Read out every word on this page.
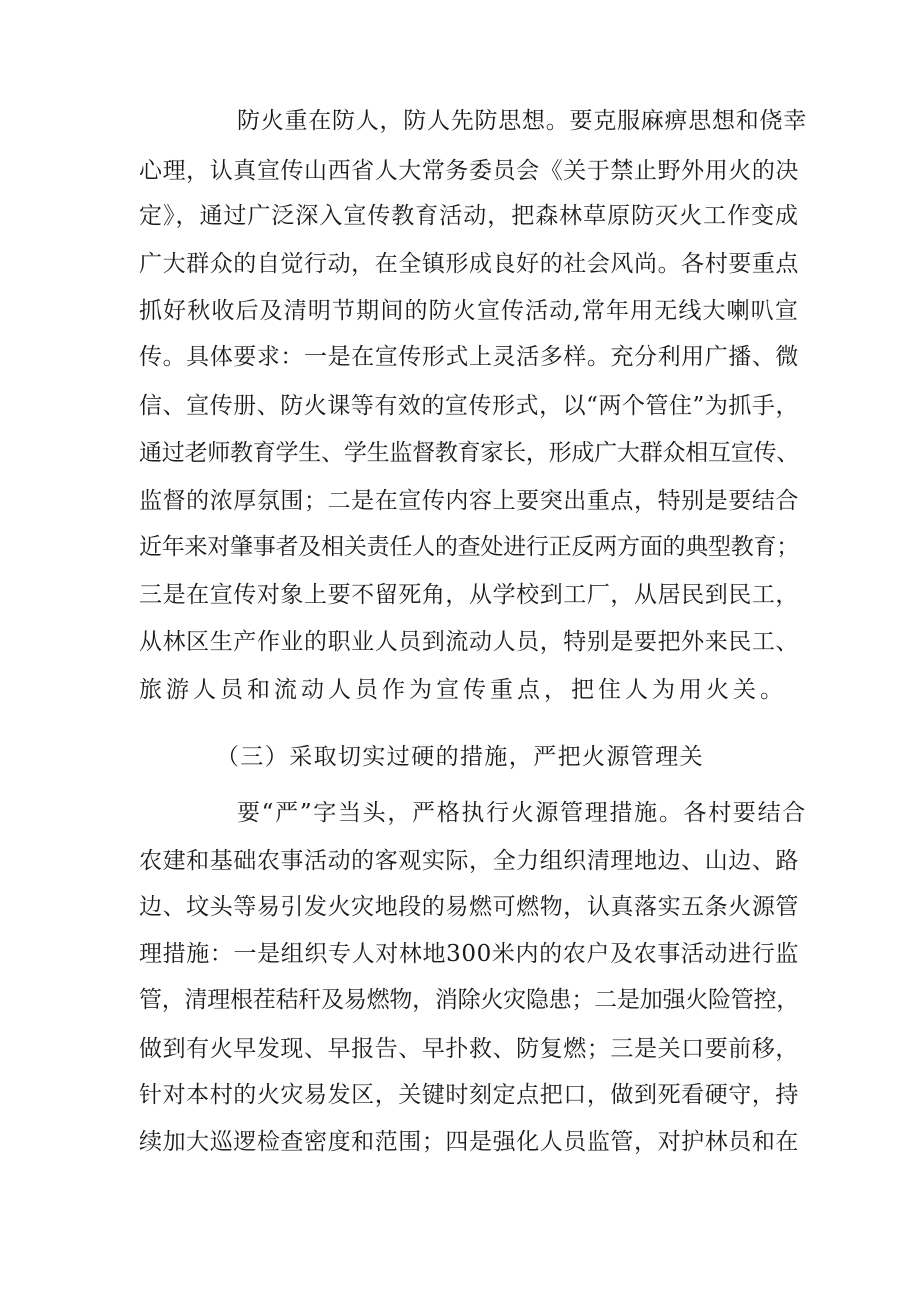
防火重在防人，防人先防思想。要克服麻痹思想和侥幸
心理，认真宣传山西省人大常务委员会《关于禁止野外用火的决
定》，通过广泛深入宣传教育活动，把森林草原防灭火工作变成
广大群众的自觉行动，在全镇形成良好的社会风尚。各村要重点
抓好秋收后及清明节期间的防火宣传活动,常年用无线大喇叭宣
传。具体要求：一是在宣传形式上灵活多样。充分利用广播、微
信、宣传册、防火课等有效的宣传形式，以“两个管住”为抓手，
通过老师教育学生、学生监督教育家长，形成广大群众相互宣传、
监督的浓厚氛围；二是在宣传内容上要突出重点，特别是要结合
近年来对肇事者及相关责任人的查处进行正反两方面的典型教育；
三是在宣传对象上要不留死角，从学校到工厂，从居民到民工，
从林区生产作业的职业人员到流动人员，特别是要把外来民工、
旅游人员和流动人员作为宣传重点，把住人为用火关。
（三）采取切实过硬的措施，严把火源管理关
要“严”字当头，严格执行火源管理措施。各村要结合
农建和基础农事活动的客观实际，全力组织清理地边、山边、路
边、坟头等易引发火灾地段的易燃可燃物，认真落实五条火源管
理措施：一是组织专人对林地300米内的农户及农事活动进行监
管，清理根茬秸秆及易燃物，消除火灾隐患；二是加强火险管控，
做到有火早发现、早报告、早扑救、防复燃；三是关口要前移，
针对本村的火灾易发区，关键时刻定点把口，做到死看硬守，持
续加大巡逻检查密度和范围；四是强化人员监管，对护林员和在
